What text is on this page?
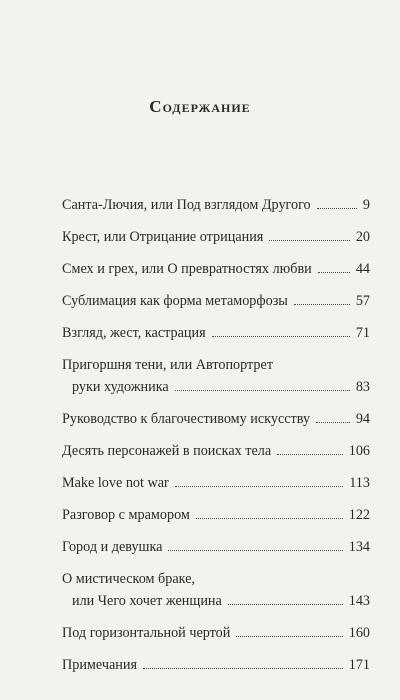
Содержание
Санта-Лючия, или Под взглядом Другого	9
Крест, или Отрицание отрицания	20
Смех и грех, или О превратностях любви	44
Сублимация как форма метаморфозы	57
Взгляд, жест, кастрация	71
Пригоршня тени, или Автопортрет
руки художника	83
Руководство к благочестивому искусству	94
Десять персонажей в поисках тела	106
Make love not war	113
Разговор с мрамором	122
Город и девушка	134
О мистическом браке,
или Чего хочет женщина	143
Под горизонтальной чертой	160
Примечания	171
